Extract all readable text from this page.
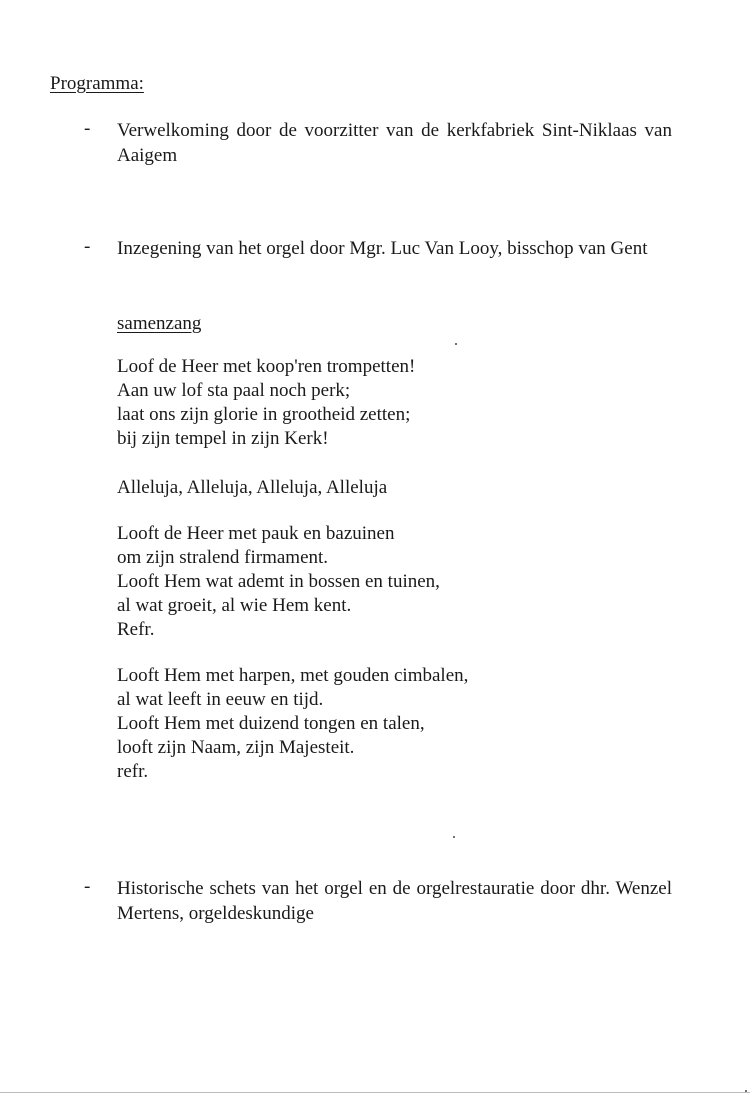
Programma:
- Verwelkoming door de voorzitter van de kerkfabriek Sint-Niklaas van Aaigem
- Inzegening van het orgel door Mgr. Luc Van Looy, bisschop van Gent
samenzang
Loof de Heer met koop'ren trompetten!
Aan uw lof sta paal noch perk;
laat ons zijn glorie in grootheid zetten;
bij zijn tempel in zijn Kerk!
Alleluja, Alleluja, Alleluja, Alleluja
Looft de Heer met pauk en bazuinen
om zijn stralend firmament.
Looft Hem wat ademt in bossen en tuinen,
al wat groeit, al wie Hem kent.
Refr.
Looft Hem met harpen, met gouden cimbalen,
al wat leeft in eeuw en tijd.
Looft Hem met duizend tongen en talen,
looft zijn Naam, zijn Majesteit.
refr.
- Historische schets van het orgel en de orgelrestauratie door dhr. Wenzel Mertens, orgeldeskundige
